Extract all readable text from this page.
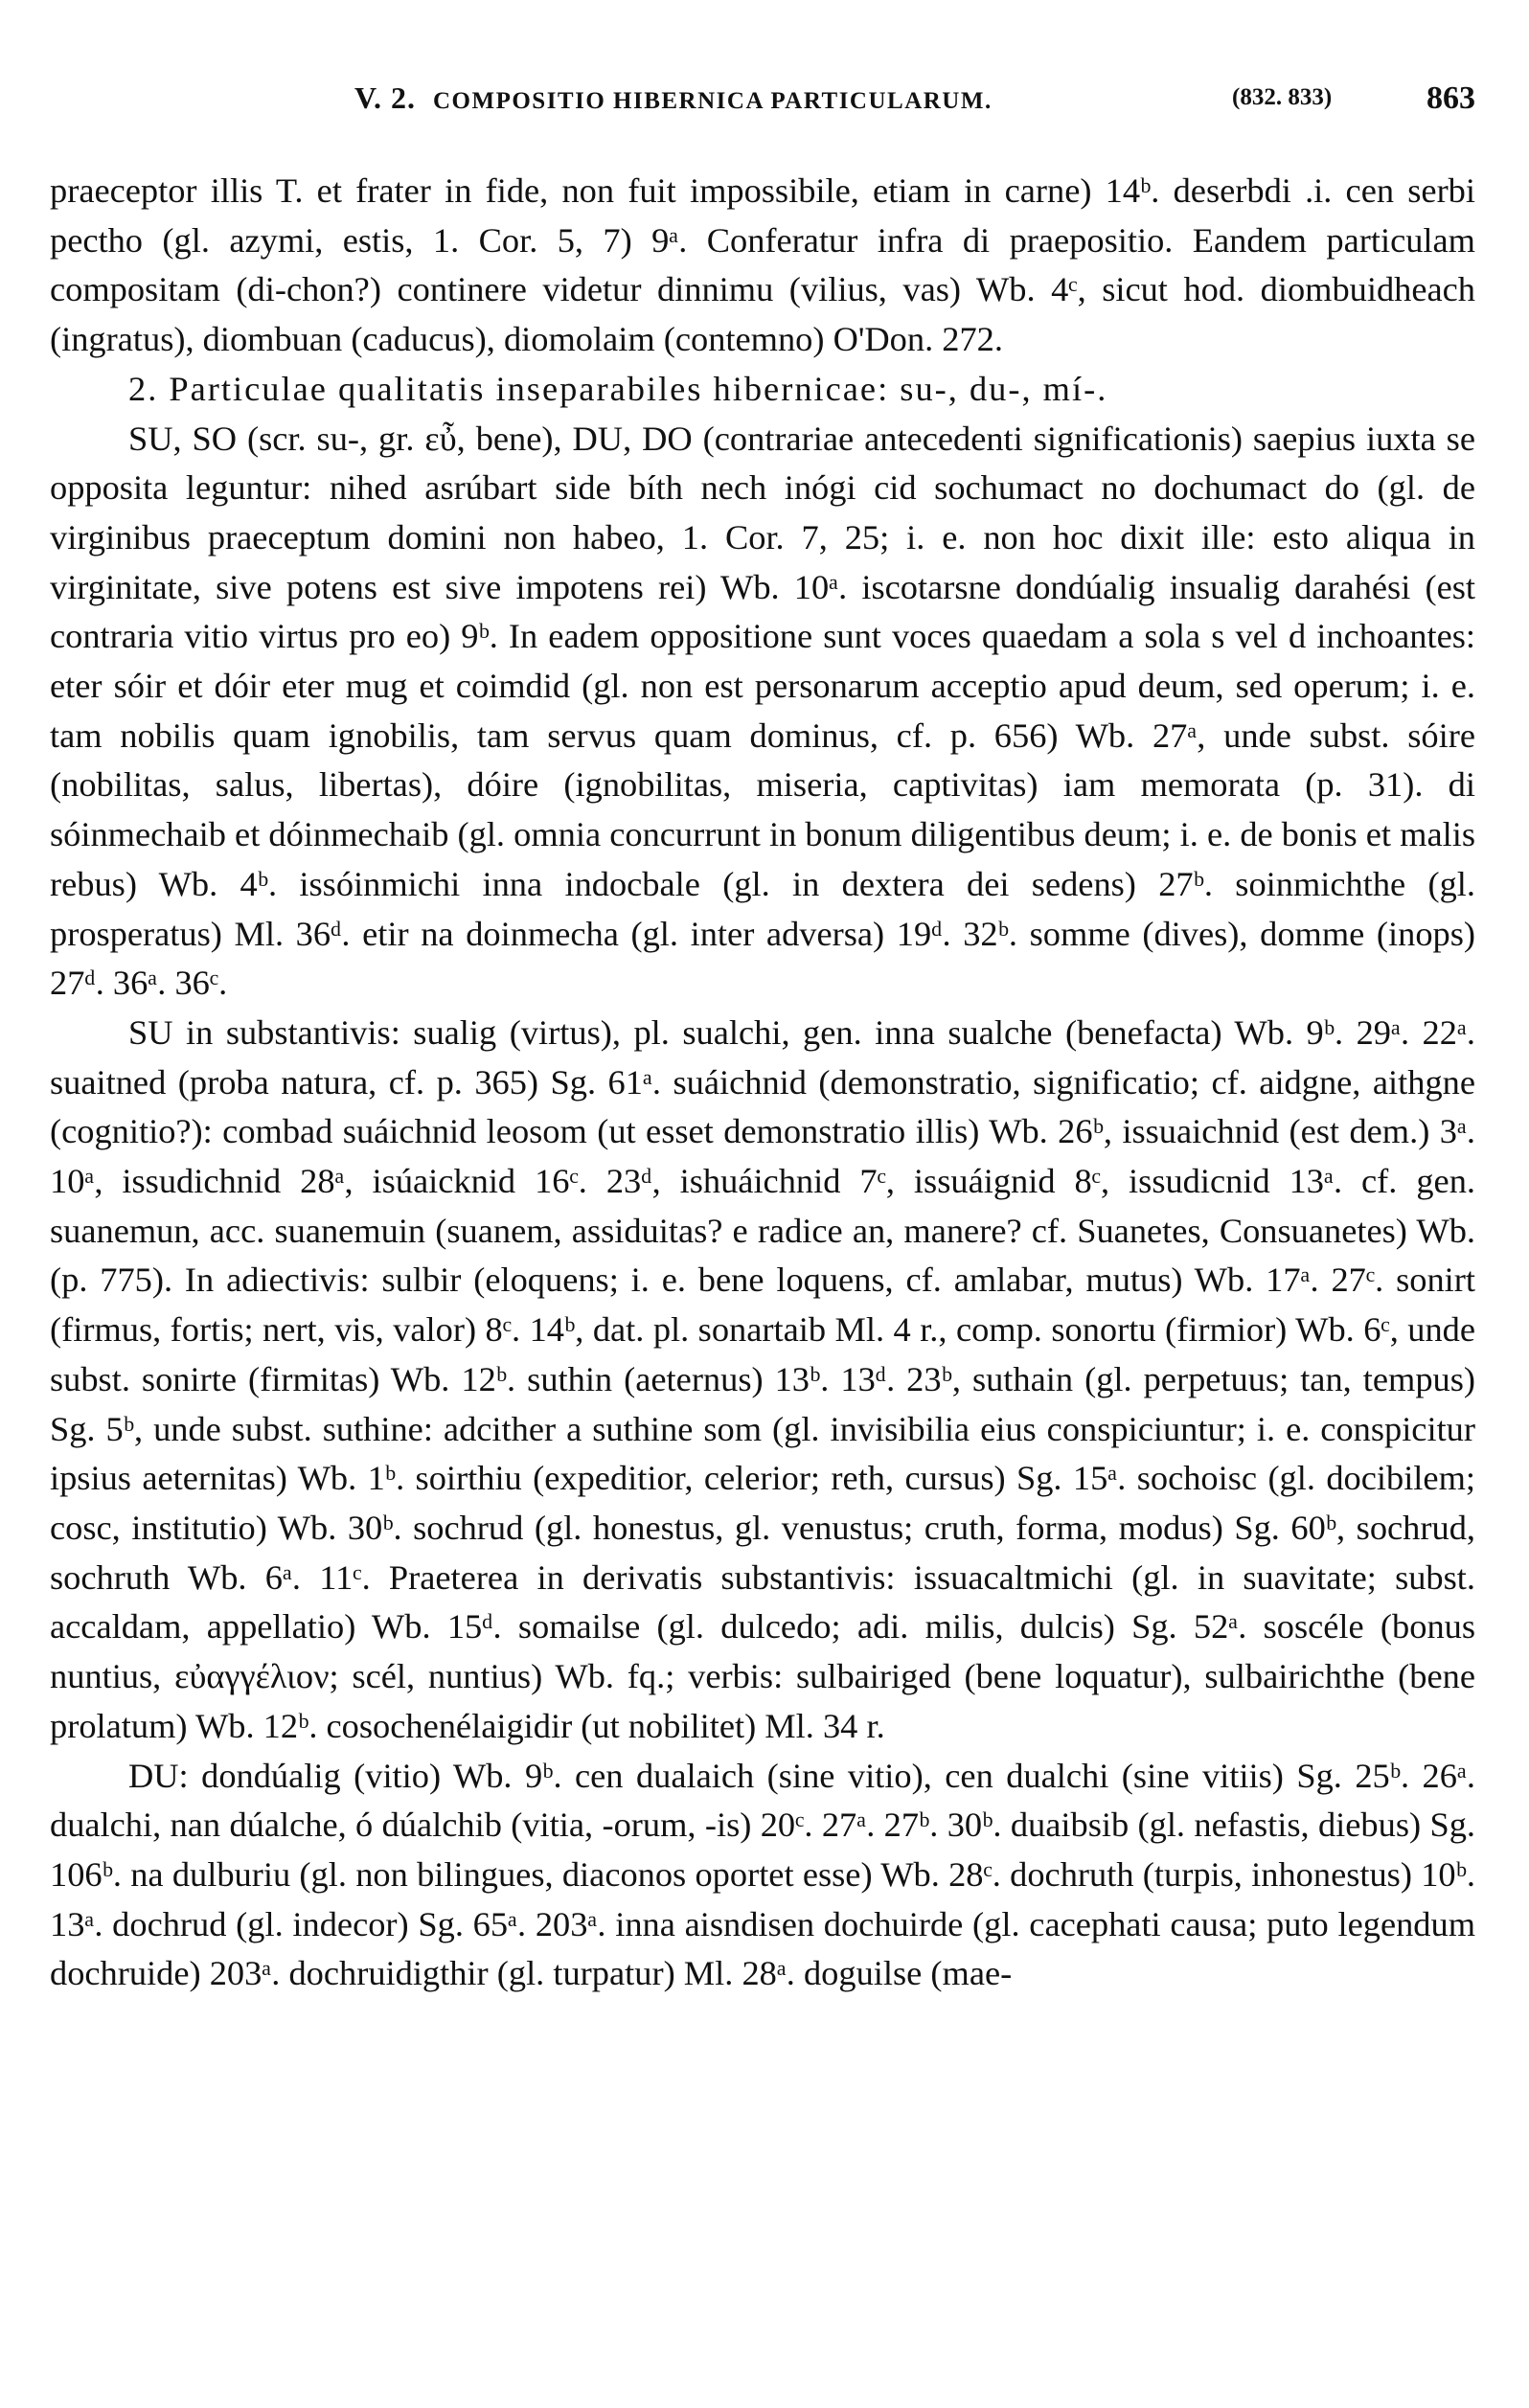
V. 2. COMPOSITIO HIBERNICA PARTICULARUM.	(832. 833)	863

praeceptor illis T. et frater in fide, non fuit impossibile, etiam in carne) 14ᵇ. deserbdi .i. cen serbi pectho (gl. azymi, estis, 1. Cor. 5, 7) 9ᵃ. Conferatur infra di praepositio. Eandem particulam compositam (di-chon?) continere videtur dinnimu (vilius, vas) Wb. 4ᶜ, sicut hod. diombuidheach (ingratus), diombuan (caducus), diomolaim (contemno) O'Don. 272.

2. Particulae qualitatis inseparabiles hibernicae: su-, du-, mí-.

SU, SO (scr. su-, gr. εὖ, bene), DU, DO (contrariae antecedenti significationis) saepius iuxta se opposita leguntur: nihed asrúbart side bíth nech inógi cid sochumact no dochumact do (gl. de virginibus praeceptum domini non habeo, 1. Cor. 7, 25; i. e. non hoc dixit ille: esto aliqua in virginitate, sive potens est sive impotens rei) Wb. 10ᵃ. iscotarsne dondúalig insualig darahési (est contraria vitio virtus pro eo) 9ᵇ. In eadem oppositione sunt voces quaedam a sola s vel d inchoantes: eter sóir et dóir eter mug et coimdid (gl. non est personarum acceptio apud deum, sed operum; i. e. tam nobilis quam ignobilis, tam servus quam dominus, cf. p. 656) Wb. 27ᵃ, unde subst. sóire (nobilitas, salus, libertas), dóire (ignobilitas, miseria, captivitas) iam memorata (p. 31). di sóinmechaib et dóinmechaib (gl. omnia concurrunt in bonum diligentibus deum; i. e. de bonis et malis rebus) Wb. 4ᵇ. issóinmichi inna indocbale (gl. in dextera dei sedens) 27ᵇ. soinmichthe (gl. prosperatus) Ml. 36ᵈ. etir na doinmecha (gl. inter adversa) 19ᵈ. 32ᵇ. somme (dives), domme (inops) 27ᵈ. 36ᵃ. 36ᶜ.

SU in substantivis: sualig (virtus), pl. sualchi, gen. inna sualche (benefacta) Wb. 9ᵇ. 29ᵃ. 22ᵃ. suaitned (proba natura, cf. p. 365) Sg. 61ᵃ. suáichnid (demonstratio, significatio; cf. aidgne, aithgne (cognitio?): combad suáichnid leosom (ut esset demonstratio illis) Wb. 26ᵇ, issuaichnid (est dem.) 3ᵃ. 10ᵃ, issudichnid 28ᵃ, isúaicknid 16ᶜ. 23ᵈ, ishuáichnid 7ᶜ, issuáignid 8ᶜ, issudicnid 13ᵃ. cf. gen. suanemun, acc. suanemuin (suanem, assiduitas? e radice an, manere? cf. Suanetes, Consuanetes) Wb. (p. 775). In adiectivis: sulbir (eloquens; i. e. bene loquens, cf. amlabar, mutus) Wb. 17ᵃ. 27ᶜ. sonirt (firmus, fortis; nert, vis, valor) 8ᶜ. 14ᵇ, dat. pl. sonartaib Ml. 4 r., comp. sonortu (firmior) Wb. 6ᶜ, unde subst. sonirte (firmitas) Wb. 12ᵇ. suthin (aeternus) 13ᵇ. 13ᵈ. 23ᵇ, suthain (gl. perpetuus; tan, tempus) Sg. 5ᵇ, unde subst. suthine: adcither a suthine som (gl. invisibilia eius conspiciuntur; i. e. conspicitur ipsius aeternitas) Wb. 1ᵇ. soirthiu (expeditior, celerior; reth, cursus) Sg. 15ᵃ. sochoisc (gl. docibilem; cosc, institutio) Wb. 30ᵇ. sochrud (gl. honestus, gl. venustus; cruth, forma, modus) Sg. 60ᵇ, sochrud, sochruth Wb. 6ᵃ. 11ᶜ. Praeterea in derivatis substantivis: issuacaltmichi (gl. in suavitate; subst. accaldam, appellatio) Wb. 15ᵈ. somailse (gl. dulcedo; adi. milis, dulcis) Sg. 52ᵃ. soscéle (bonus nuntius, εὐαγγέλιον; scél, nuntius) Wb. fq.; verbis: sulbairiged (bene loquatur), sulbairichthe (bene prolatum) Wb. 12ᵇ. cosochenélaigidir (ut nobilitet) Ml. 34 r.

DU: dondúalig (vitio) Wb. 9ᵇ. cen dualaich (sine vitio), cen dualchi (sine vitiis) Sg. 25ᵇ. 26ᵃ. dualchi, nan dúalche, ó dúalchib (vitia, -orum, -is) 20ᶜ. 27ᵃ. 27ᵇ. 30ᵇ. duaibsib (gl. nefastis, diebus) Sg. 106ᵇ. na dulburiu (gl. non bilingues, diaconos oportet esse) Wb. 28ᶜ. dochruth (turpis, inhonestus) 10ᵇ. 13ᵃ. dochrud (gl. indecor) Sg. 65ᵃ. 203ᵃ. inna aisndisen dochuirde (gl. cacephati causa; puto legendum dochruide) 203ᵃ. dochruidigthir (gl. turpatur) Ml. 28ᵃ. doguilse (mae-
